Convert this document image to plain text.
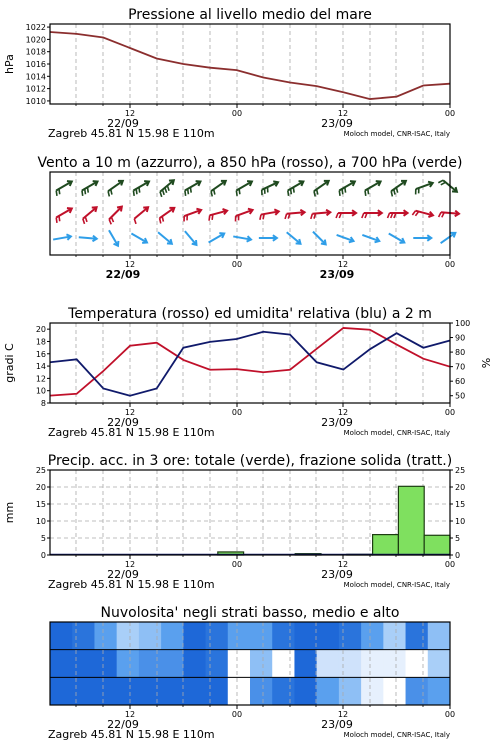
Pressione al livello medio del mare
1010
1012
1014
1016
1018
1020
1022
hPa
12	00	12	00
22/09	23/09
Zagreb 45.81 N 15.98 E 110m	Moloch model, CNR-ISAC, Italy
Vento a 10 m (azzurro), a 850 hPa (rosso), a 700 hPa (verde)
12	00	12	00
22/09	23/09
Temperatura (rosso) ed umidita' relativa (blu) a 2 m
8
10
12
14
16
18
20
gradi C
50
60
70
80
90
100
%
12	00	12	00
22/09	23/09
Zagreb 45.81 N 15.98 E 110m	Moloch model, CNR-ISAC, Italy
Precip. acc. in 3 ore: totale (verde), frazione solida (tratt.)
0
5
10
15
20
25
mm
0
5
10
15
20
25
12	00	12	00
22/09	23/09
Zagreb 45.81 N 15.98 E 110m	Moloch model, CNR-ISAC, Italy
Nuvolosita' negli strati basso, medio e alto
12	00	12	00
22/09	23/09
Zagreb 45.81 N 15.98 E 110m	Moloch model, CNR-ISAC, Italy
